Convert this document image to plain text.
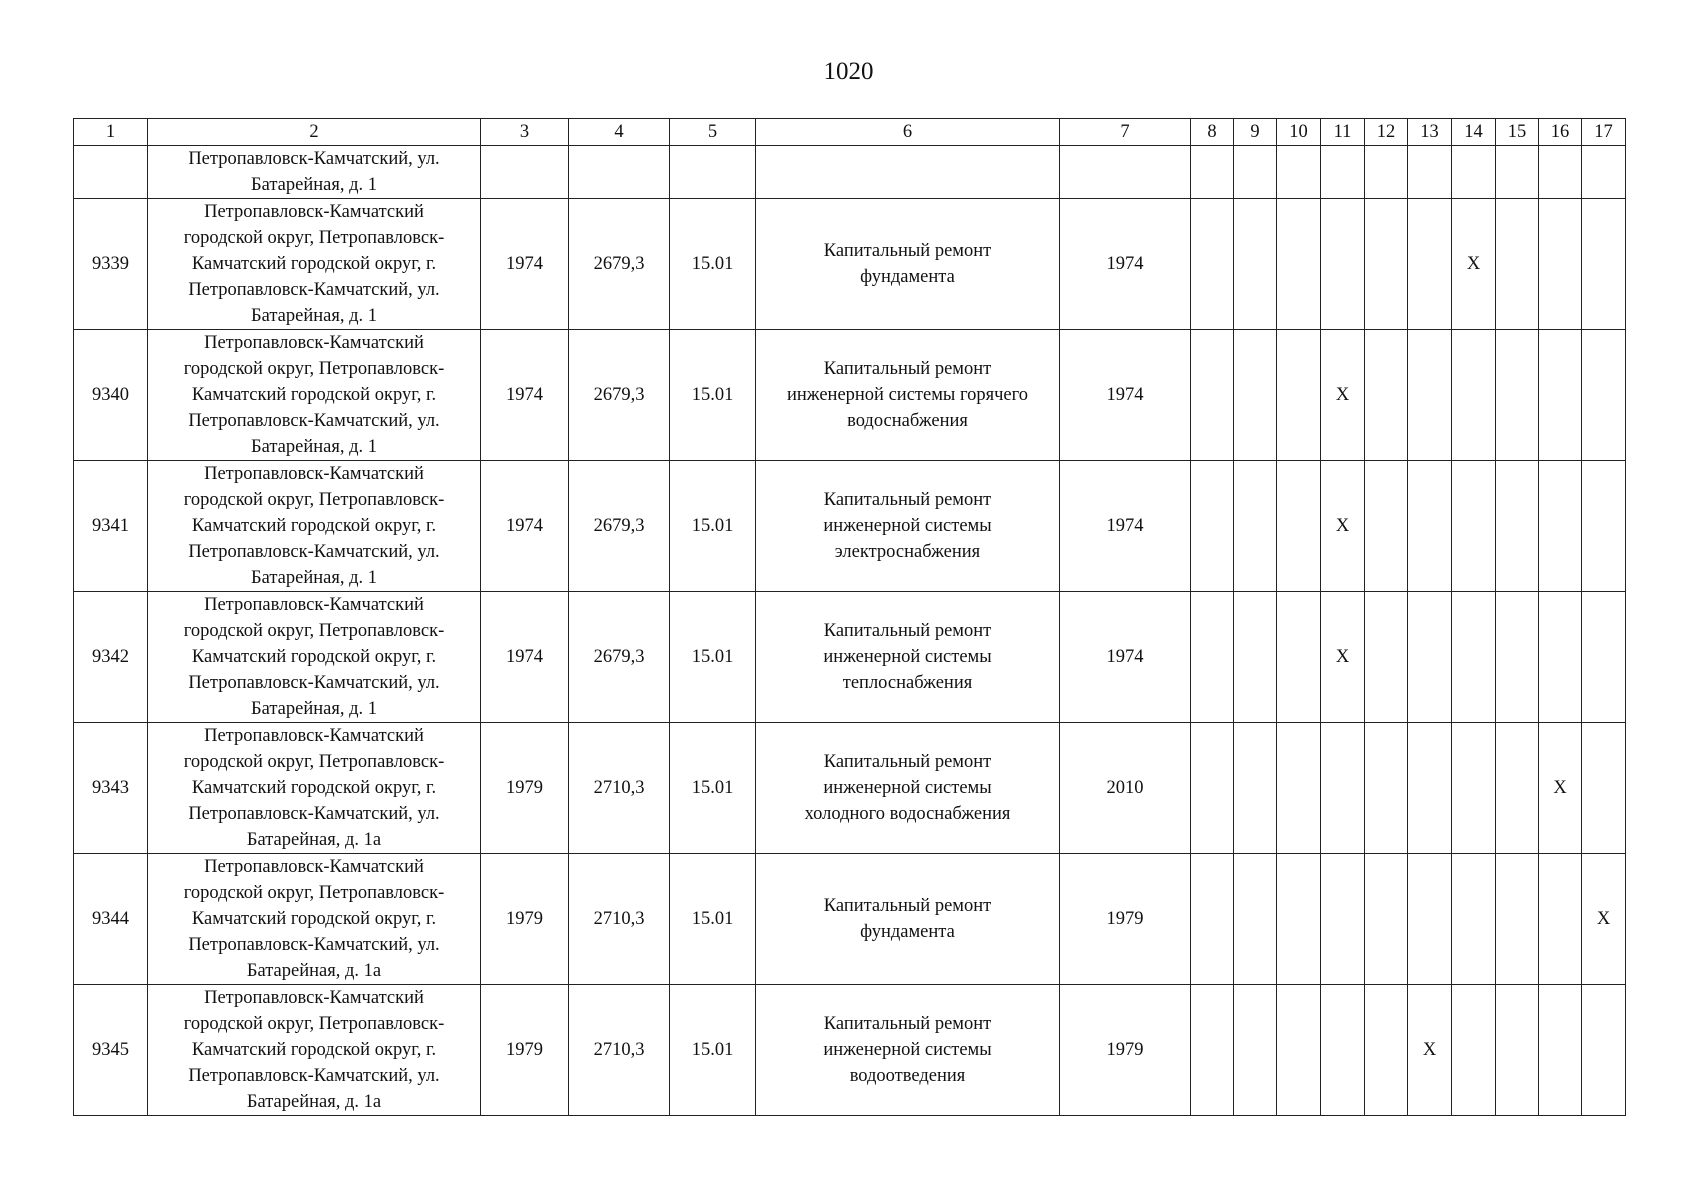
1020
1	2	3	4	5	6	7	8	9	10	11	12	13	14	15	16	17
	Петропавловск-Камчатский, ул.
Батарейная, д. 1															
9339	Петропавловск-Камчатский
городской округ, Петропавловск-
Камчатский городской округ, г.
Петропавловск-Камчатский, ул.
Батарейная, д. 1	1974	2679,3	15.01	Капитальный ремонт
фундамента	1974							X			
9340	Петропавловск-Камчатский
городской округ, Петропавловск-
Камчатский городской округ, г.
Петропавловск-Камчатский, ул.
Батарейная, д. 1	1974	2679,3	15.01	Капитальный ремонт
инженерной системы горячего
водоснабжения	1974				X						
9341	Петропавловск-Камчатский
городской округ, Петропавловск-
Камчатский городской округ, г.
Петропавловск-Камчатский, ул.
Батарейная, д. 1	1974	2679,3	15.01	Капитальный ремонт
инженерной системы
электроснабжения	1974				X						
9342	Петропавловск-Камчатский
городской округ, Петропавловск-
Камчатский городской округ, г.
Петропавловск-Камчатский, ул.
Батарейная, д. 1	1974	2679,3	15.01	Капитальный ремонт
инженерной системы
теплоснабжения	1974				X						
9343	Петропавловск-Камчатский
городской округ, Петропавловск-
Камчатский городской округ, г.
Петропавловск-Камчатский, ул.
Батарейная, д. 1а	1979	2710,3	15.01	Капитальный ремонт
инженерной системы
холодного водоснабжения	2010									X	
9344	Петропавловск-Камчатский
городской округ, Петропавловск-
Камчатский городской округ, г.
Петропавловск-Камчатский, ул.
Батарейная, д. 1а	1979	2710,3	15.01	Капитальный ремонт
фундамента	1979										X
9345	Петропавловск-Камчатский
городской округ, Петропавловск-
Камчатский городской округ, г.
Петропавловск-Камчатский, ул.
Батарейная, д. 1а	1979	2710,3	15.01	Капитальный ремонт
инженерной системы
водоотведения	1979						X				
